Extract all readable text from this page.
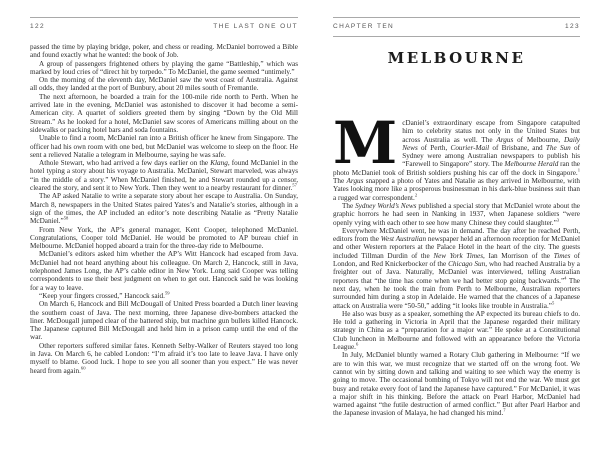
122	THE LAST ONE OUT

passed the time by playing bridge, poker, and chess or reading. McDaniel borrowed a Bible and found exactly what he wanted: the book of Job.

A group of passengers frightened others by playing the game “Battleship,” which was marked by loud cries of “direct hit by torpedo.” To McDaniel, the game seemed “untimely.”

On the morning of the eleventh day, McDaniel saw the west coast of Australia. Against all odds, they landed at the port of Bunbury, about 20 miles south of Fremantle.

The next afternoon, he boarded a train for the 100-mile ride north to Perth. When he arrived late in the evening, McDaniel was astonished to discover it had become a semi-American city. A quartet of soldiers greeted them by singing “Down by the Old Mill Stream.” As he looked for a hotel, McDaniel saw scores of Americans milling about on the sidewalks or packing hotel bars and soda fountains.

Unable to find a room, McDaniel ran into a British officer he knew from Singapore. The officer had his own room with one bed, but McDaniel was welcome to sleep on the floor. He sent a relieved Natalie a telegram in Melbourne, saying he was safe.

Athole Stewart, who had arrived a few days earlier on the Klang, found McDaniel in the hotel typing a story about his voyage to Australia. McDaniel, Stewart marveled, was always “in the middle of a story.” When McDaniel finished, he and Stewart rounded up a censor, cleared the story, and sent it to New York. Then they went to a nearby restaurant for dinner.$^{57}$

The AP asked Natalie to write a separate story about her escape to Australia. On Sunday, March 8, newspapers in the United States paired Yates’s and Natalie’s stories, although in a sign of the times, the AP included an editor’s note describing Natalie as “Pretty Natalie McDaniel.”$^{58}$

From New York, the AP’s general manager, Kent Cooper, telephoned McDaniel. Congratulations, Cooper told McDaniel. He would be promoted to AP bureau chief in Melbourne. McDaniel hopped aboard a train for the three-day ride to Melbourne.

McDaniel’s editors asked him whether the AP’s Witt Hancock had escaped from Java. McDaniel had not heard anything about his colleague. On March 2, Hancock, still in Java, telephoned James Long, the AP’s cable editor in New York. Long said Cooper was telling correspondents to use their best judgment on when to get out. Hancock said he was looking for a way to leave.

“Keep your fingers crossed,” Hancock said.$^{59}$

On March 6, Hancock and Bill McDougall of United Press boarded a Dutch liner leaving the southern coast of Java. The next morning, three Japanese dive-bombers attacked the liner. McDougall jumped clear of the battered ship, but machine gun bullets killed Hancock. The Japanese captured Bill McDougall and held him in a prison camp until the end of the war.

Other reporters suffered similar fates. Kenneth Selby-Walker of Reuters stayed too long in Java. On March 6, he cabled London: “I’m afraid it’s too late to leave Java. I have only myself to blame. Good luck. I hope to see you all sooner than you expect.” He was never heard from again.$^{60}$

CHAPTER TEN	123
MELBOURNE

McDaniel’s extraordinary escape from Singapore catapulted him to celebrity status not only in the United States but across Australia as well. The Argus of Melbourne, Daily News of Perth, Courier-Mail of Brisbane, and The Sun of Sydney were among Australian newspapers to publish his “Farewell to Singapore” story. The Melbourne Herald ran the photo McDaniel took of British soldiers pushing his car off the dock in Singapore.$^1$ The Argus snapped a photo of Yates and Natalie as they arrived in Melbourne, with Yates looking more like a prosperous businessman in his dark-blue business suit than a rugged war correspondent.$^2$

The Sydney World’s News published a special story that McDaniel wrote about the graphic horrors he had seen in Nanking in 1937, when Japanese soldiers “were openly vying with each other to see how many Chinese they could slaughter.”$^3$

Everywhere McDaniel went, he was in demand. The day after he reached Perth, editors from the West Australian newspaper held an afternoon reception for McDaniel and other Western reporters at the Palace Hotel in the heart of the city. The guests included Tillman Durdin of the New York Times, Ian Morrison of the Times of London, and Red Knickerbocker of the Chicago Sun, who had reached Australia by a freighter out of Java. Naturally, McDaniel was interviewed, telling Australian reporters that “the time has come when we had better stop going backwards.”$^4$ The next day, when he took the train from Perth to Melbourne, Australian reporters surrounded him during a stop in Adelaide. He warned that the chances of a Japanese attack on Australia were “50-50,” adding “it looks like trouble in Australia.”$^5$

He also was busy as a speaker, something the AP expected its bureau chiefs to do. He told a gathering in Victoria in April that the Japanese regarded their military strategy in China as a “preparation for a major war.” He spoke at a Constitutional Club luncheon in Melbourne and followed with an appearance before the Victoria League.$^6$

In July, McDaniel bluntly warned a Rotary Club gathering in Melbourne: “If we are to win this war, we must recognize that we started off on the wrong foot. We cannot win by sitting down and talking and waiting to see which way the enemy is going to move. The occasional bombing of Tokyo will not end the war. We must get busy and retake every foot of land the Japanese have captured.” For McDaniel, it was a major shift in his thinking. Before the attack on Pearl Harbor, McDaniel had warned against “the futile destruction of armed conflict.” But after Pearl Harbor and the Japanese invasion of Malaya, he had changed his mind.$^7$
